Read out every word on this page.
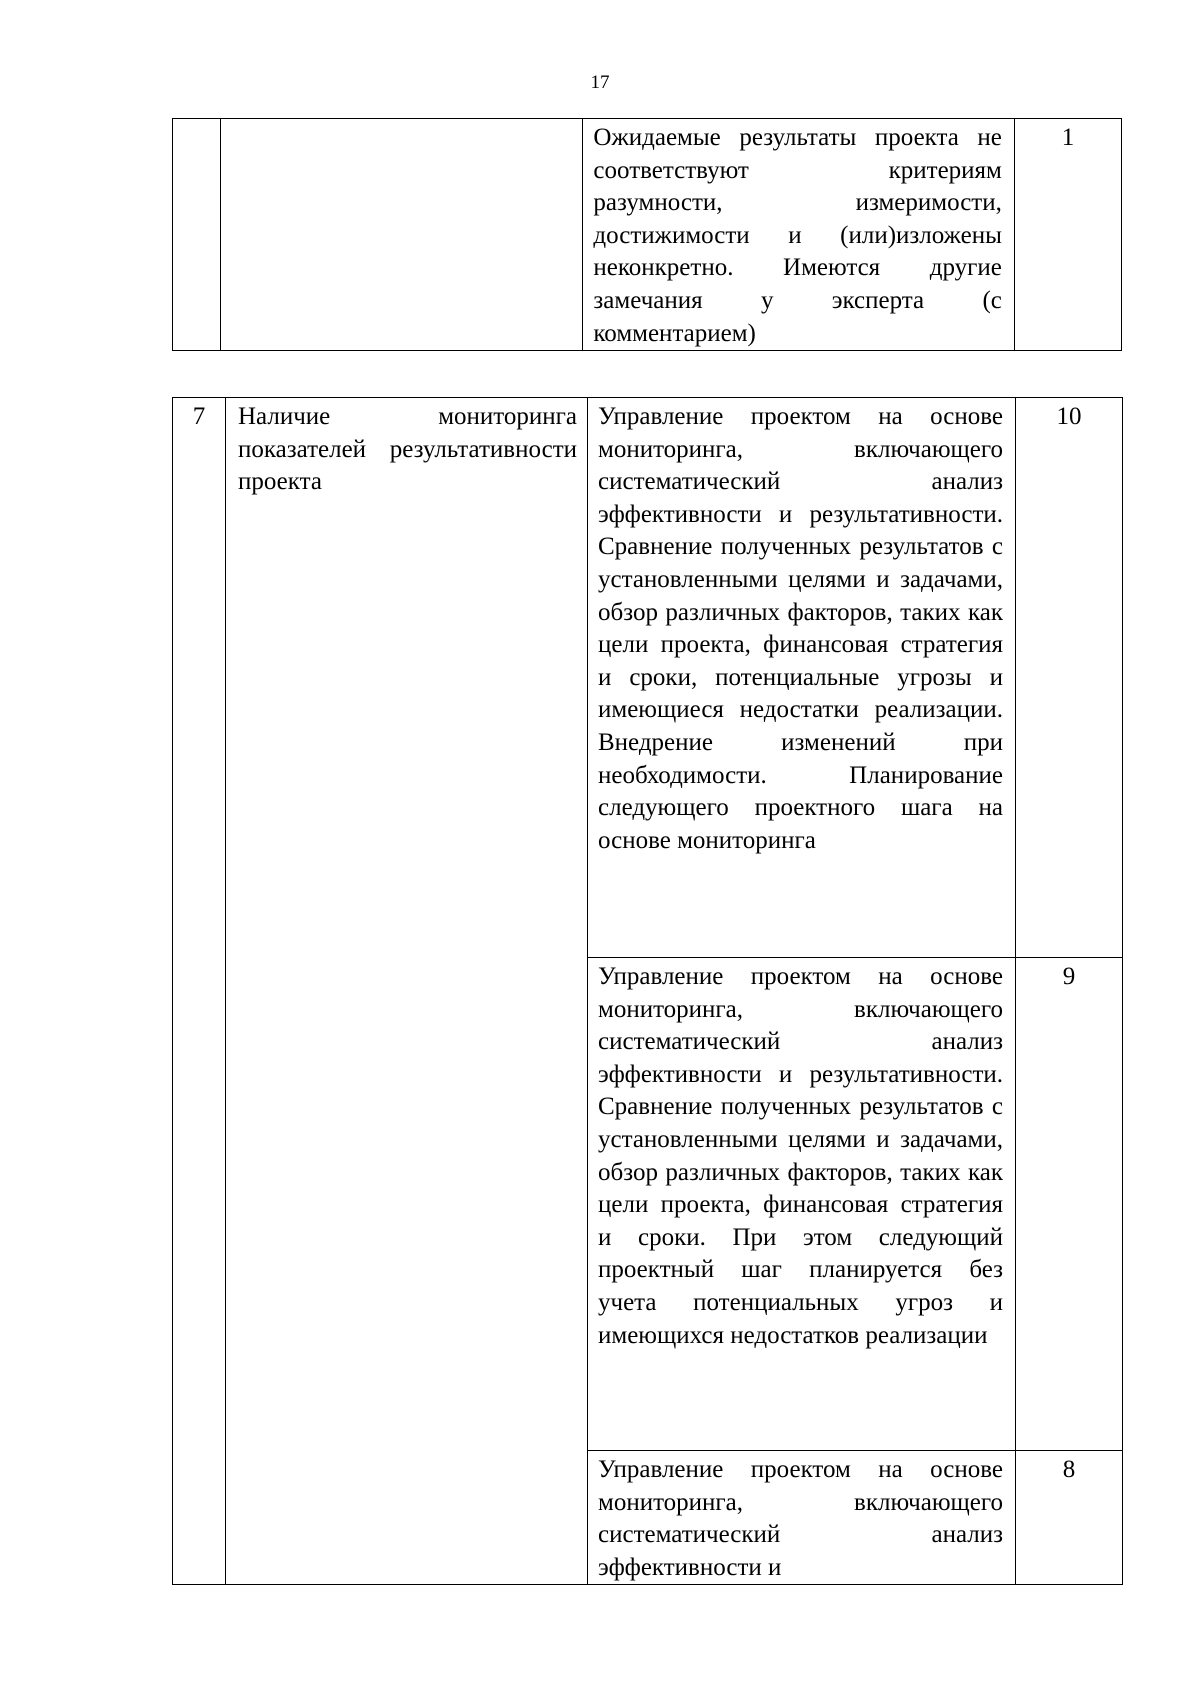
17
		Ожидаемые результаты проекта не соответствуют критериям разумности, измеримости, достижимости и (или)изложены неконкретно. Имеются другие замечания у эксперта (с комментарием)	1
7	Наличие мониторинга показателей результативности проекта	Управление проектом на основе мониторинга, включающего систематический анализ эффективности и результативности. Сравнение полученных результатов с установленными целями и задачами, обзор различных факторов, таких как цели проекта, финансовая стратегия и сроки, потенциальные угрозы и имеющиеся недостатки реализации. Внедрение изменений при необходимости. Планирование следующего проектного шага на основе мониторинга	10
		Управление проектом на основе мониторинга, включающего систематический анализ эффективности и результативности. Сравнение полученных результатов с установленными целями и задачами, обзор различных факторов, таких как цели проекта, финансовая стратегия и сроки. При этом следующий проектный шаг планируется без учета потенциальных угроз и имеющихся недостатков реализации	9
		Управление проектом на основе мониторинга, включающего систематический анализ эффективности и	8
